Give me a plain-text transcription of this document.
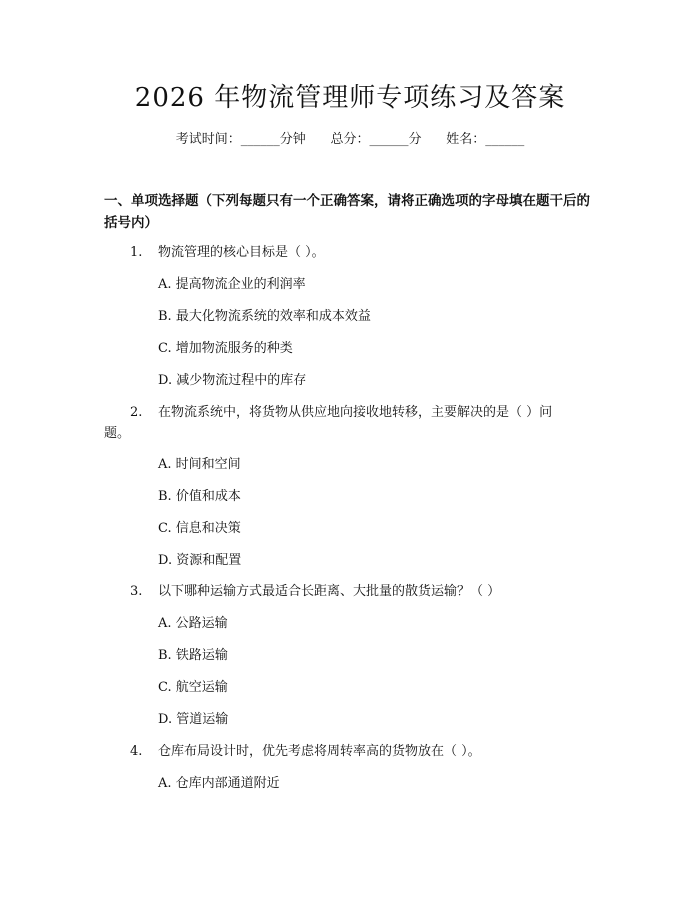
2026 年物流管理师专项练习及答案
考试时间：______分钟      总分：______分      姓名：______
一、单项选择题（下列每题只有一个正确答案，请将正确选项的字母填在题干后的括号内）
1. 物流管理的核心目标是（ ）。
A. 提高物流企业的利润率
B. 最大化物流系统的效率和成本效益
C. 增加物流服务的种类
D. 减少物流过程中的库存
2. 在物流系统中，将货物从供应地向接收地转移，主要解决的是（ ）问
题。
A. 时间和空间
B. 价值和成本
C. 信息和决策
D. 资源和配置
3. 以下哪种运输方式最适合长距离、大批量的散货运输？（ ）
A. 公路运输
B. 铁路运输
C. 航空运输
D. 管道运输
4. 仓库布局设计时，优先考虑将周转率高的货物放在（ ）。
A. 仓库内部通道附近
